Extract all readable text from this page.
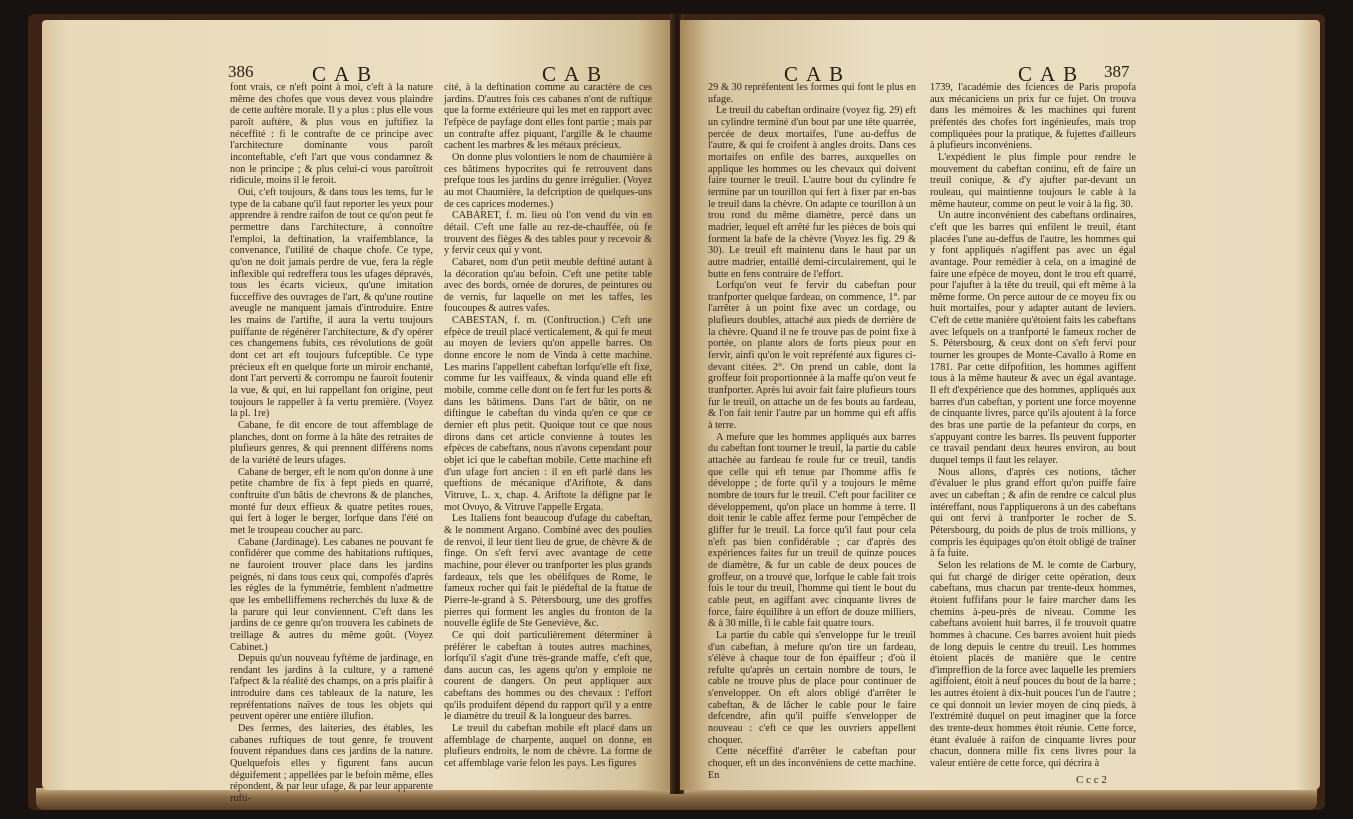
386	CAB	CAB

font vrais, ce n'eft point à moi, c'eft à la nature même des chofes que vous devez vous plaindre de cette auftère morale. Il y a plus : plus elle vous paroît auftère, & plus vous en juftifiez la néceffité : fi le contrafte de ce principe avec l'architecture dominante vous paroît inconteftable, c'eft l'art que vous condamnez & non le principe ; & plus celui-ci vous paroîtroit ridicule, moins il le feroit.

Oui, c'eft toujours, & dans tous les tems, fur le type de la cabane qu'il faut reporter les yeux pour apprendre à rendre raifon de tout ce qu'on peut fe permettre dans l'architecture, à connoître l'emploi, la deftination, la vraifemblance, la convenance, l'utilité de chaque chofe. Ce type, qu'on ne doit jamais perdre de vue, fera la règle inflexible qui redreffera tous les ufages dépravés, tous les écarts vicieux, qu'une imitation fucceffive des ouvrages de l'art, & qu'une routine aveugle ne manquent jamais d'introduire. Entre les mains de l'artifte, il aura la vertu toujours puiffante de régénérer l'architecture, & d'y opérer ces changemens fubits, ces révolutions de goût dont cet art eft toujours fufceptible. Ce type précieux eft en quelque forte un miroir enchanté, dont l'art perverti & corrompu ne fauroit foutenir la vue, & qui, en lui rappellant fon origine, peut toujours le rappeller à fa vertu première. (Voyez la pl. 1re)

Cabane, fe dit encore de tout affemblage de planches, dont on forme à la hâte des retraites de plufieurs genres, & qui prennent différens noms de la variété de leurs ufages.

Cabane de berger, eft le nom qu'on donne à une petite chambre de fix à fept pieds en quarré, conftruite d'un bâtis de chevrons & de planches, monté fur deux effieux & quatre petites roues, qui fert à loger le berger, lorfque dans l'été on met le troupeau coucher au parc.

Cabane (Jardinage). Les cabanes ne pouvant fe confidérer que comme des habitations ruftiques, ne fauroient trouver place dans les jardins peignés, ni dans tous ceux qui, compofés d'après les règles de la fymmétrie, femblent n'admettre que les embelliffemens recherchés du luxe & de la parure qui leur conviennent. C'eft dans les jardins de ce genre qu'on trouvera les cabinets de treillage & autres du même goût. (Voyez Cabinet.)

Depuis qu'un nouveau fyftème de jardinage, en rendant les jardins à la culture, y a ramené l'afpect & la réalité des champs, on a pris plaifir à introduire dans ces tableaux de la nature, les repréfentations naïves de tous les objets qui peuvent opérer une entière illufion.

Des fermes, des laiteries, des étables, les cabanes ruftiques de tout genre, fe trouvent fouvent répandues dans ces jardins de la nature. Quelquefois elles y figurent fans aucun déguifement ; appellées par le befoin même, elles répondent, & par leur ufage, & par leur apparente rufti-

cité, à la deftination comme au caractère de ces jardins. D'autres fois ces cabanes n'ont de ruftique que la forme extérieure qui les met en rapport avec l'efpèce de payfage dont elles font partie ; mais par un contrafte affez piquant, l'argille & le chaume cachent les marbres & les métaux précieux.

On donne plus volontiers le nom de chaumière à ces bâtimens hypocrites qui fe retrouvent dans prefque tous les jardins du genre irrégulier. (Voyez au mot Chaumière, la defcription de quelques-uns de ces caprices modernes.)

CABARET, f. m. lieu où l'on vend du vin en détail. C'eft une falle au rez-de-chauffée, où fe trouvent des fièges & des tables pour y recevoir & y fervir ceux qui y vont.

Cabaret, nom d'un petit meuble deftiné autant à la décoration qu'au befoin. C'eft une petite table avec des bords, ornée de dorures, de peintures ou de vernis, fur laquelle on met les taffes, les foucoupes & autres vafes.

CABESTAN, f. m. (Conftruction.) C'eft une efpèce de treuil placé verticalement, & qui fe meut au moyen de leviers qu'on appelle barres. On donne encore le nom de Vinda à cette machine. Les marins l'appellent cabeftan lorfqu'elle eft fixe, comme fur les vaiffeaux, & vinda quand elle eft mobile, comme celle dont on fe fert fur les ports & dans les bâtimens. Dans l'art de bâtir, on ne diftingue le cabeftan du vinda qu'en ce que ce dernier eft plus petit. Quoique tout ce que nous dirons dans cet article convienne à toutes les efpèces de cabeftans, nous n'avons cependant pour objet ici que le cabeftan mobile. Cette machine eft d'un ufage fort ancien : il en eft parlé dans les queftions de mécanique d'Ariftote, & dans Vitruve, L. x, chap. 4. Ariftote la défigne par le mot Ονυγο, & Vitruve l'appelle Ergata.

Les Italiens font beaucoup d'ufage du cabeftan, & le nomment Argano. Combiné avec des poulies de renvoi, il leur tient lieu de grue, de chèvre & de finge. On s'eft fervi avec avantage de cette machine, pour élever ou tranfporter les plus grands fardeaux, tels que les obélifques de Rome, le fameux rocher qui fait le piédeftal de la ftatue de Pierre-le-grand à S. Pétersbourg, une des groffes pierres qui forment les angles du fronton de la nouvelle églife de Ste Geneviève, &c.

Ce qui doit particulièrement déterminer à préférer le cabeftan à toutes autres machines, lorfqu'il s'agit d'une très-grande maffe, c'eft que, dans aucun cas, les agens qu'on y emploie ne courent de dangers. On peut appliquer aux cabeftans des hommes ou des chevaux : l'effort qu'ils produifent dépend du rapport qu'il y a entre le diamètre du treuil & la longueur des barres.

Le treuil du cabeftan mobile eft placé dans un affemblage de charpente, auquel on donne, en plufieurs endroits, le nom de chèvre. La forme de cet affemblage varie felon les pays. Les figures

CAB	CAB 387

29 & 30 repréfentent les formes qui font le plus en ufage.

Le treuil du cabeftan ordinaire (voyez fig. 29) eft un cylindre terminé d'un bout par une tête quarrée, percée de deux mortaifes, l'une au-deffus de l'autre, & qui fe croifent à angles droits. Dans ces mortaifes on enfile des barres, auxquelles on applique les hommes ou les chevaux qui doivent faire tourner le treuil. L'autre bout du cylindre fe termine par un tourillon qui fert à fixer par en-bas le treuil dans la chèvre. On adapte ce tourillon à un trou rond du même diamètre, percé dans un madrier, lequel eft arrêté fur les pièces de bois qui forment la bafe de la chèvre (Voyez les fig. 29 & 30). Le treuil eft maintenu dans le haut par un autre madrier, entaillé demi-circulairement, qui le butte en fens contraire de l'effort.

Lorfqu'on veut fe fervir du cabeftan pour tranfporter quelque fardeau, on commence, 1°. par l'arrêter à un point fixe avec un cordage, ou plufieurs doubles, attaché aux pieds de derrière de la chèvre. Quand il ne fe trouve pas de point fixe à portée, on plante alors de forts pieux pour en fervir, ainfi qu'on le voit repréfenté aux figures ci-devant citées. 2°. On prend un cable, dont la groffeur foit proportionnée à la maffe qu'on veut fe tranfporter. Après lui avoir fait faire plufieurs tours fur le treuil, on attache un de fes bouts au fardeau, & l'on fait tenir l'autre par un homme qui eft affis à terre.

A mefure que les hommes appliqués aux barres du cabeftan font tourner le treuil, la partie du cable attachée au fardeau fe roule fur ce treuil, tandis que celle qui eft tenue par l'homme affis fe développe ; de forte qu'il y a toujours le même nombre de tours fur le treuil. C'eft pour faciliter ce développement, qu'on place un homme à terre. Il doit tenir le cable affez ferme pour l'empêcher de gliffer fur le treuil. La force qu'il faut pour cela n'eft pas bien confidérable ; car d'après des expériences faites fur un treuil de quinze pouces de diamètre, & fur un cable de deux pouces de groffeur, on a trouvé que, lorfque le cable fait trois fois le tour du treuil, l'homme qui tient le bout du cable peut, en agiffant avec cinquante livres de force, faire équilibre à un effort de douze milliers, & à 30 mille, fi le cable fait quatre tours.

La partie du cable qui s'enveloppe fur le treuil d'un cabeftan, à mefure qu'on tire un fardeau, s'élève à chaque tour de fon épaiffeur ; d'où il refulte qu'après un certain nombre de tours, le cable ne trouve plus de place pour continuer de s'envelopper. On eft alors obligé d'arrêter le cabeftan, & de lâcher le cable pour le faire defcendre, afin qu'il puiffe s'envelopper de nouveau : c'eft ce que les ouvriers appellent choquer.

Cette néceffité d'arrêter le cabeftan pour choquer, eft un des inconvéniens de cette machine. En

1739, l'académie des fciences de Paris propofa aux mécaniciens un prix fur ce fujet. On trouva dans les mémoires & les machines qui furent préfentés des chofes fort ingénieufes, mais trop compliquées pour la pratique, & fujettes d'ailleurs à plufieurs inconvéniens.

L'expédient le plus fimple pour rendre le mouvement du cabeftan continu, eft de faire un treuil conique, & d'y ajufter par-devant un rouleau, qui maintienne toujours le cable à la même hauteur, comme on peut le voir à la fig. 30.

Un autre inconvénient des cabeftans ordinaires, c'eft que les barres qui enfilent le treuil, étant placées l'une au-deffus de l'autre, les hommes qui y font appliqués n'agiffent pas avec un égal avantage. Pour remédier à cela, on a imaginé de faire une efpèce de moyeu, dont le trou eft quarré, pour l'ajufter à la tête du treuil, qui eft même à la même forme. On perce autour de ce moyeu fix ou huit mortaifes, pour y adapter autant de leviers. C'eft de cette manière qu'étoient faits les cabeftans avec lefquels on a tranfporté le fameux rocher de S. Pétersbourg, & ceux dont on s'eft fervi pour tourner les groupes de Monte-Cavallo à Rome en 1781. Par cette difpofition, les hommes agiffent tous à la même hauteur & avec un égal avantage. Il eft d'expérience que des hommes, appliqués aux barres d'un cabeftan, y portent une force moyenne de cinquante livres, parce qu'ils ajoutent à la force des bras une partie de la pefanteur du corps, en s'appuyant contre les barres. Ils peuvent fupporter ce travail pendant deux heures environ, au bout duquel temps il faut les relayer.

Nous allons, d'après ces notions, tâcher d'évaluer le plus grand effort qu'on puiffe faire avec un cabeftan ; & afin de rendre ce calcul plus intéreffant, nous l'appliquerons à un des cabeftans qui ont fervi à tranfporter le rocher de S. Pétersbourg, du poids de plus de trois millions, y compris les équipages qu'on étoit obligé de traîner à fa fuite.

Selon les relations de M. le comte de Carbury, qui fut chargé de diriger cette opération, deux cabeftans, mus chacun par trente-deux hommes, étoient fuffifans pour le faire marcher dans les chemins à-peu-près de niveau. Comme les cabeftans avoient huit barres, il fe trouvoit quatre hommes à chacune. Ces barres avoient huit pieds de long depuis le centre du treuil. Les hommes étoient placés de manière que le centre d'impreffion de la force avec laquelle les premiers agiffoient, étoit à neuf pouces du bout de la barre ; les autres étoient à dix-huit pouces l'un de l'autre ; ce qui donnoit un levier moyen de cinq pieds, à l'extrémité duquel on peut imaginer que la force des trente-deux hommes étoit réunie. Cette force, étant évaluée à raifon de cinquante livres pour chacun, donnera mille fix cens livres pour la valeur entière de cette force, qui décrira à

C c c 2
